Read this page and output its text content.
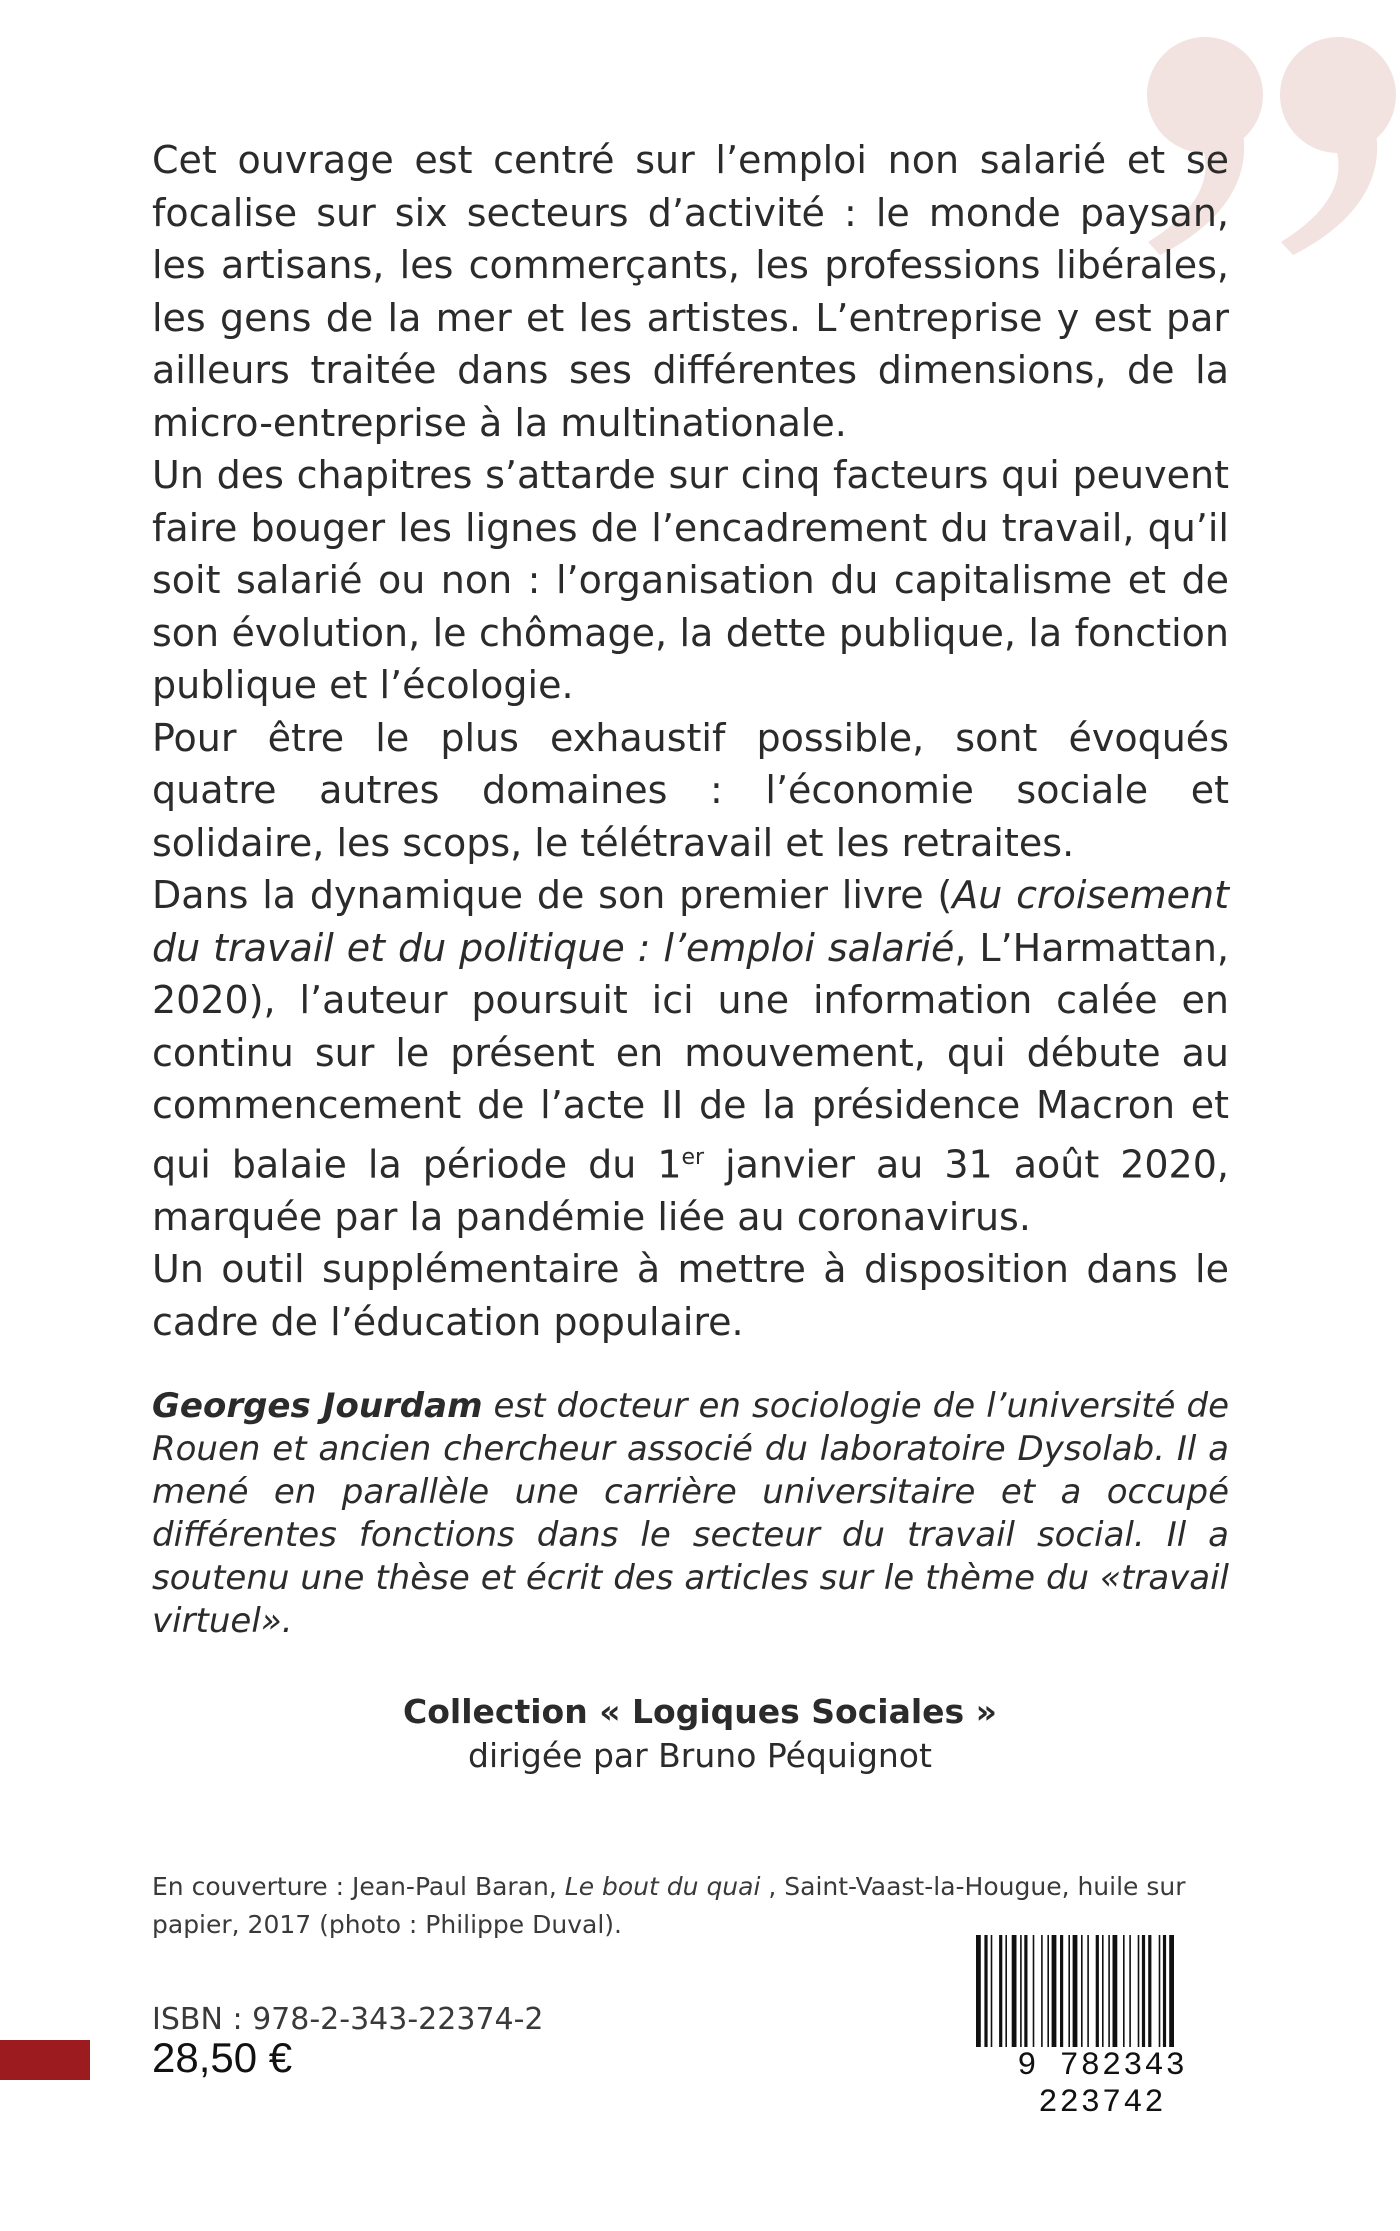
Cet ouvrage est centré sur l’emploi non salarié et se focalise sur six secteurs d’activité : le monde paysan, les artisans, les commerçants, les professions libérales, les gens de la mer et les artistes. L’entreprise y est par ailleurs traitée dans ses différentes dimensions, de la micro-entreprise à la multinationale.

Un des chapitres s’attarde sur cinq facteurs qui peuvent faire bouger les lignes de l’encadrement du travail, qu’il soit salarié ou non : l’organisation du capitalisme et de son évolution, le chômage, la dette publique, la fonction publique et l’écologie.

Pour être le plus exhaustif possible, sont évoqués quatre autres domaines : l’économie sociale et solidaire, les scops, le télétravail et les retraites.

Dans la dynamique de son premier livre (Au croisement du travail et du politique : l’emploi salarié, L’Harmattan, 2020), l’auteur poursuit ici une information calée en continu sur le présent en mouvement, qui débute au commencement de l’acte II de la présidence Macron et qui balaie la période du 1er janvier au 31 août 2020, marquée par la pandémie liée au coronavirus.

Un outil supplémentaire à mettre à disposition dans le cadre de l’éducation populaire.

Georges Jourdam est docteur en sociologie de l’université de Rouen et ancien chercheur associé du laboratoire Dysolab. Il a mené en parallèle une carrière universitaire et a occupé différentes fonctions dans le secteur du travail social. Il a soutenu une thèse et écrit des articles sur le thème du «travail virtuel».

Collection « Logiques Sociales »
dirigée par Bruno Péquignot
En couverture : Jean-Paul Baran, Le bout du quai , Saint-Vaast-la-Hougue, huile sur papier, 2017 (photo : Philippe Duval).
ISBN : 978-2-343-22374-2
28,50 €	9 782343 223742
